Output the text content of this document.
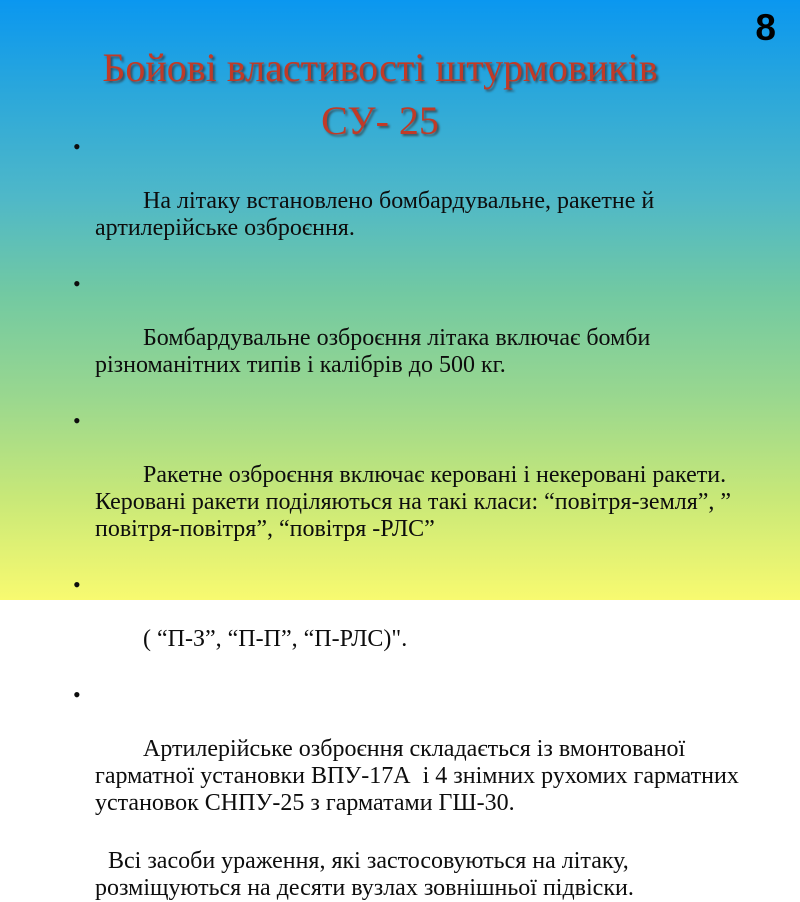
8
Бойові властивості штурмовиків
СУ- 25

•

На літаку встановлено бомбардувальне, ракетне й артилерійське озброєння.

•

Бомбардувальне озброєння літака включає бомби різноманітних типів і калібрів до 500 кг.

•

Ракетне озброєння включає керовані і некеровані ракети. Керовані ракети поділяються на такі класи: “повітря-земля”, ” повітря-повітря”, “повітря -РЛС”

•

( “П-З”, “П-П”, “П-РЛС)".

•

Артилерійське озброєння складається із вмонтованої гарматної установки ВПУ-17А  і 4 знімних рухомих гарматних установок СНПУ-25 з гарматами ГШ-30.

Всі засоби ураження, які застосовуються на літаку, розміщуються на десяти вузлах зовнішньої підвіски.
